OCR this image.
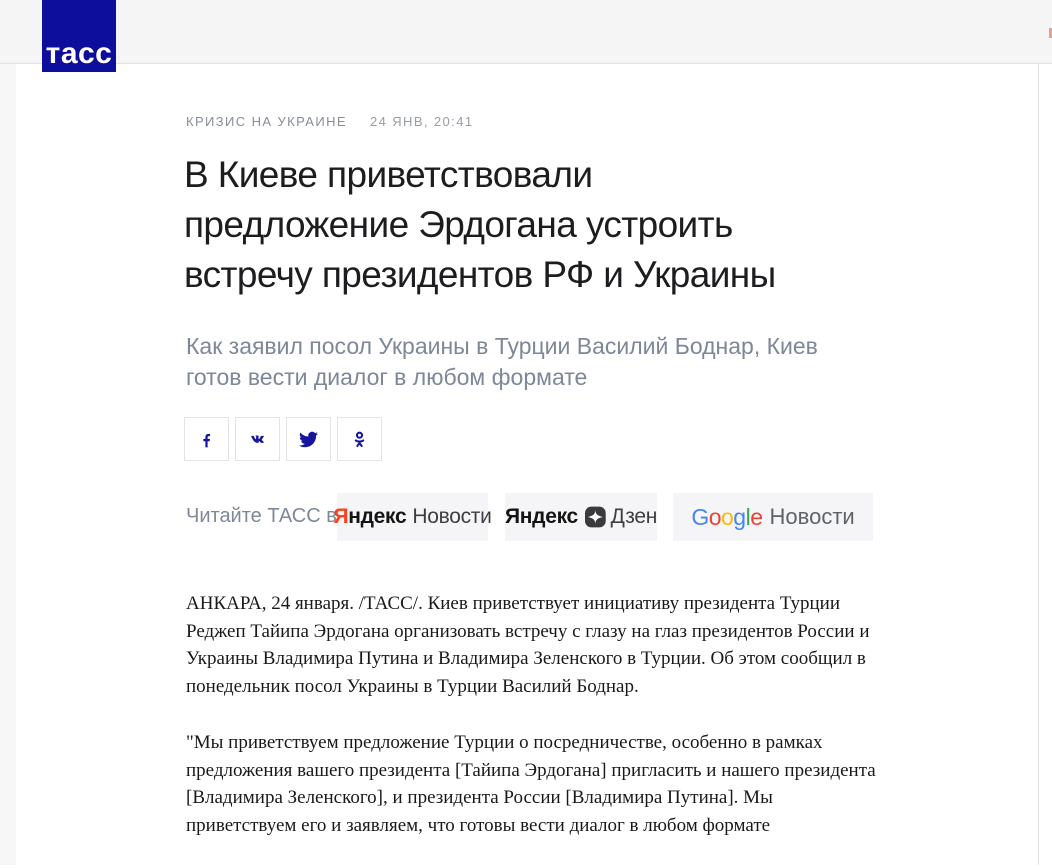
тасс
КРИЗИС НА УКРАИНЕ 24 ЯНВ, 20:41
В Киеве приветствовали
предложение Эрдогана устроить
встречу президентов РФ и Украины
Как заявил посол Украины в Турции Василий Боднар, Киев
готов вести диалог в любом формате
Читайте ТАСС в
Яндекс Новости Яндекс Дзен Google Новости

АНКАРА, 24 января. /ТАСС/. Киев приветствует инициативу президента Турции Реджеп Тайипа Эрдогана организовать встречу с глазу на глаз президентов России и Украины Владимира Путина и Владимира Зеленского в Турции. Об этом сообщил в понедельник посол Украины в Турции Василий Боднар.

"Мы приветствуем предложение Турции о посредничестве, особенно в рамках предложения вашего президента [Тайипа Эрдогана] пригласить и нашего президента [Владимира Зеленского], и президента России [Владимира Путина]. Мы приветствуем его и заявляем, что готовы вести диалог в любом формате
